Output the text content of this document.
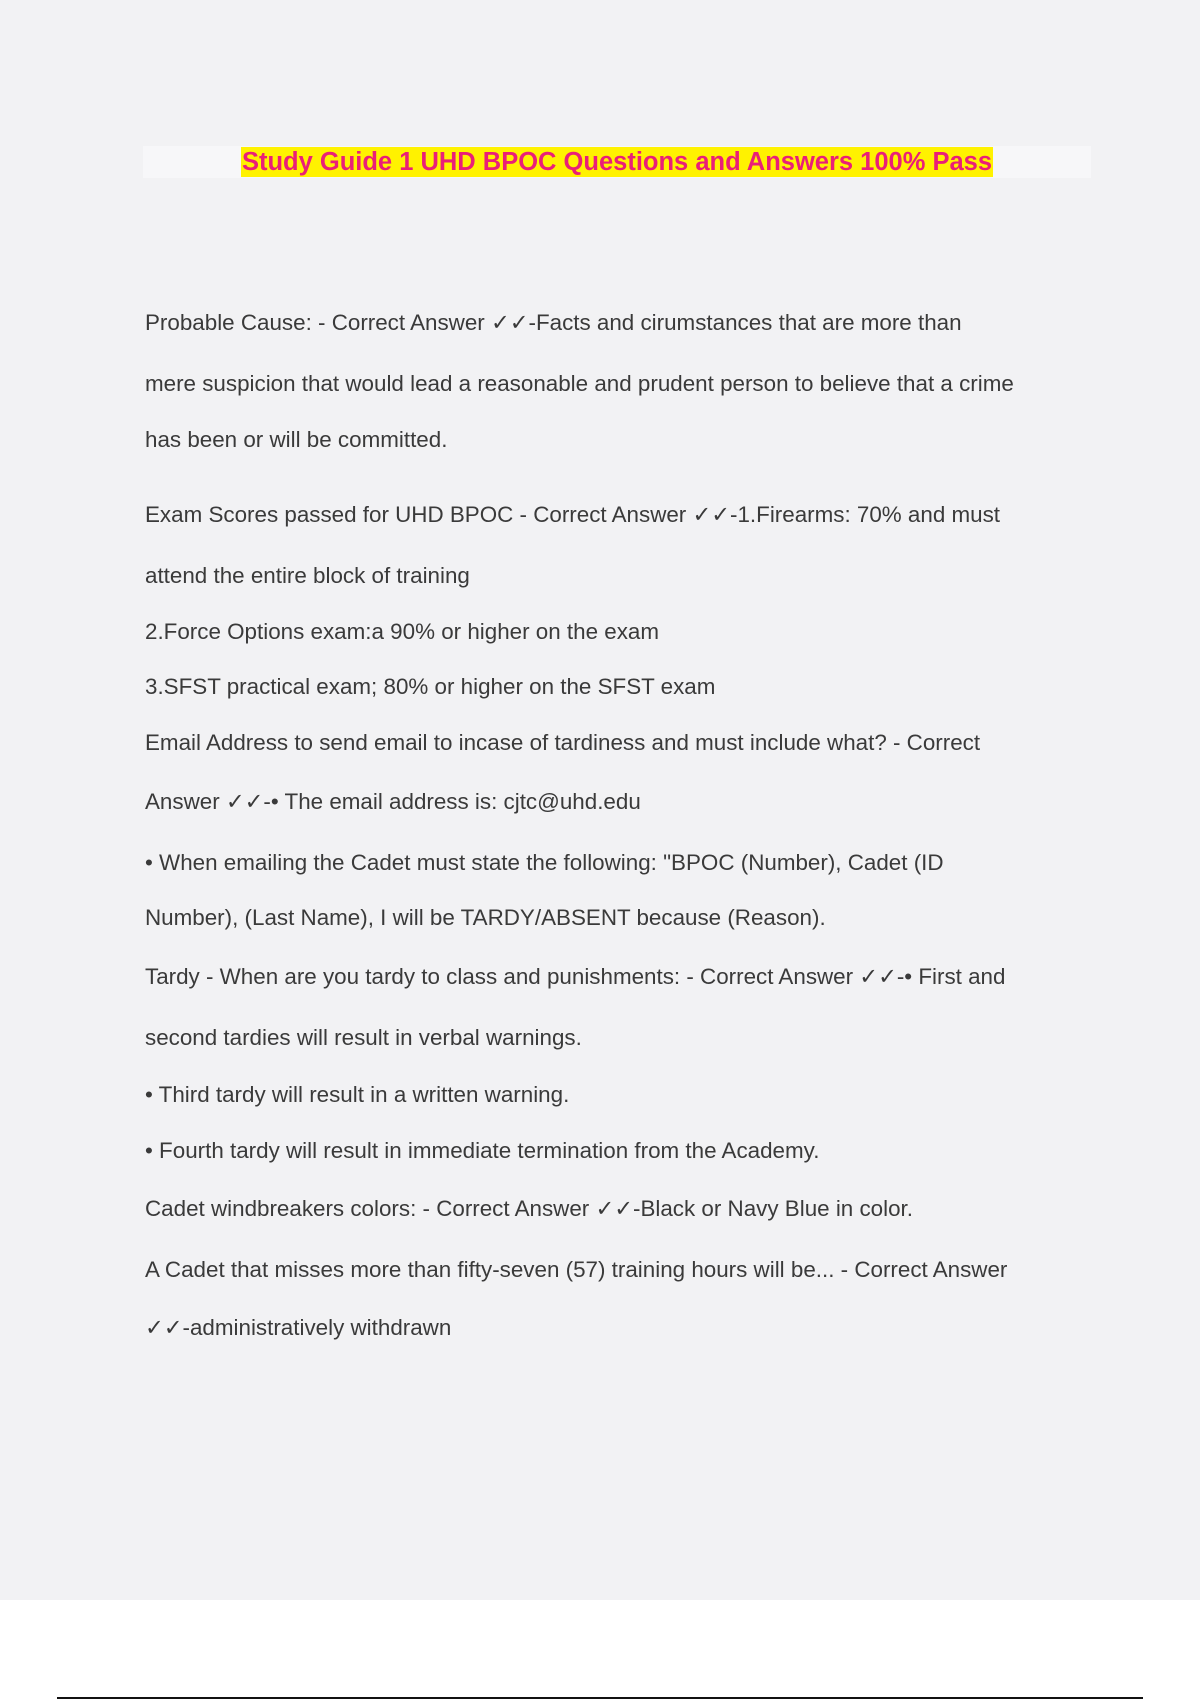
Study Guide 1 UHD BPOC Questions and Answers 100% Pass

Probable Cause: - Correct Answer ✓✓-Facts and cirumstances that are more than

mere suspicion that would lead a reasonable and prudent person to believe that a crime

has been or will be committed.

Exam Scores passed for UHD BPOC - Correct Answer ✓✓-1.Firearms: 70% and must

attend the entire block of training

2.Force Options exam:a 90% or higher on the exam

3.SFST practical exam; 80% or higher on the SFST exam

Email Address to send email to incase of tardiness and must include what? - Correct

Answer ✓✓-• The email address is: cjtc@uhd.edu

• When emailing the Cadet must state the following: "BPOC (Number), Cadet (ID

Number), (Last Name), I will be TARDY/ABSENT because (Reason).

Tardy - When are you tardy to class and punishments: - Correct Answer ✓✓-• First and

second tardies will result in verbal warnings.

• Third tardy will result in a written warning.

• Fourth tardy will result in immediate termination from the Academy.

Cadet windbreakers colors: - Correct Answer ✓✓-Black or Navy Blue in color.

A Cadet that misses more than fifty-seven (57) training hours will be... - Correct Answer

✓✓-administratively withdrawn
